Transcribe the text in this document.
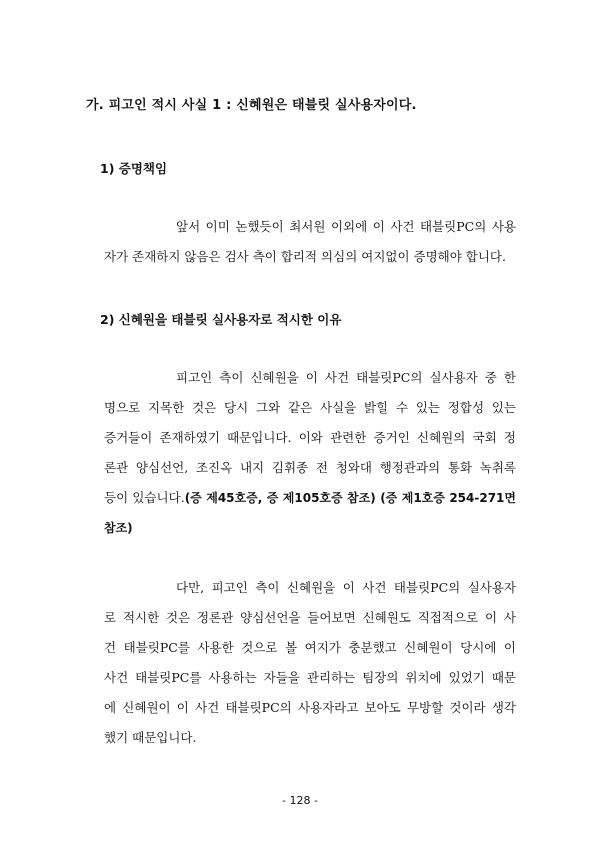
가. 피고인 적시 사실 1 : 신혜원은 태블릿 실사용자이다.
1) 증명책임
앞서 이미 논했듯이 최서원 이외에 이 사건 태블릿PC의 사용
자가 존재하지 않음은 검사 측이 합리적 의심의 여지없이 증명해야 합니다.
2) 신혜원을 태블릿 실사용자로 적시한 이유
피고인 측이 신혜원을 이 사건 태블릿PC의 실사용자 중 한
명으로 지목한 것은 당시 그와 같은 사실을 밝힐 수 있는 정합성 있는
증거들이 존재하였기 때문입니다. 이와 관련한 증거인 신혜원의 국회 정
론관 양심선언, 조진옥 내지 김휘종 전 청와대 행정관과의 통화 녹취록
등이 있습니다.(증 제45호증, 증 제105호증 참조) (증 제1호증 254-271면
참조)
다만, 피고인 측이 신혜원을 이 사건 태블릿PC의 실사용자
로 적시한 것은 정론관 양심선언을 들어보면 신혜원도 직접적으로 이 사
건 태블릿PC를 사용한 것으로 볼 여지가 충분했고 신혜원이 당시에 이
사건 태블릿PC를 사용하는 자들을 관리하는 팀장의 위치에 있었기 때문
에 신혜원이 이 사건 태블릿PC의 사용자라고 보아도 무방할 것이라 생각
했기 때문입니다.
- 128 -
